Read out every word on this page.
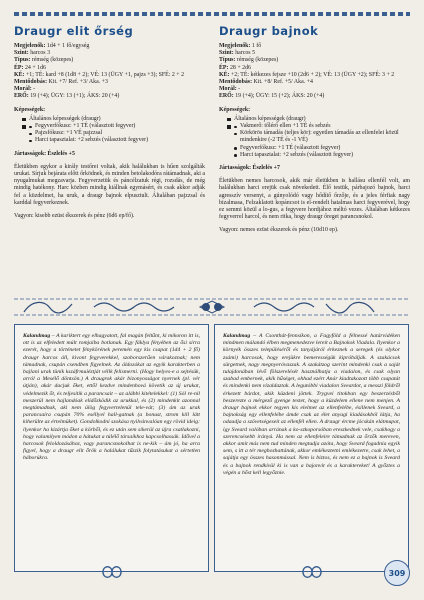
Draugr elit őrség

Megjelenők: 1d4 + 1 fő/egység

Szint: harcos 3

Típus: rémség (közepes)

ÉP: 24 + 1d6

KÉ: +1; TÉ: kard +8 (1d8 + 2); VÉ: 13 (ÜGY +1, pajzs +3); SFÉ: 2 + 2

Mentődobás: Kit. +7/ Ref. +3/ Aka. +3

Morál: -

ERŐ: 19 (+4); ÜGY: 13 (+1); ÁKS: 20 (+4)

Képességek:

Általános képességek (draugr)
Fegyverfókusz: +1 TÉ (választott fegyver)
Pajzsfókusz: +1 VÉ pajzzsal
Harci tapasztalat: +2 sebzés (választott fegyver)

Jártasságok: Észlelés +5

Életükben egykor a király testőrei voltak, akik halálukban is hűen szolgálták urukat. Sírjuk bejárata előtt őrködnek, és minden betolakodóra rátámadnak, aki a nyugalmukat megzavarja. Fegyverzetük és páncélzatuk régi, rozsdás, de még mindig hatékony. Harc közben mindig kiállnak egymásért, és csak akkor adják fel a küzdelmet, ha uruk, a draugr bajnok elpusztult. Általában pajzzsal és karddal fegyverkeznek.

Vagyon: kisebb ezüst ékszerek és pénz (6d6 ep/fő).

Draugr bajnok

Megjelenők: 1 fő

Szint: harcos 5

Típus: rémség (közepes)

ÉP: 28 + 2d6

KÉ: +2; TÉ: kétkezes fejsze +10 (2d6 + 2); VÉ: 13 (ÜGY +2); SFÉ: 3 + 2

Mentődobás: Kit. +8/ Ref. +5/ Aka. +4

Morál: -

ERŐ: 19 (+4); ÜGY: 15 (+2); ÁKS: 20 (+4)

Képességek:

Általános képességek (draugr)
Vakmerő: tőlérő ellen +1 TÉ és sebzés
Körkörös támadás (teljes kör): egyetlen támadás az ellenfelei közül mindenkire (-2 TÉ és -1 VÉ)
Fegyverfókusz: +1 TÉ (választott fegyver)
Harci tapasztalat: +2 sebzés (választott fegyver)

Jártasságok: Észlelés +7

Életükben nemes harcosok, akik már életükben is hallásu ellenfél volt, am halálukban harci erejük csak növekedett. Élő testük, párbajozó bajnok, harci agresszív versenyt, a gúnyolódó vagy hődítő őrzője, és a jeles férfiak nagy bizalmasa, Felzaklatott kopáncsot is el-rendelt hatalmas harci fegyverével, hogy ez semmi közül a lo-gus, a fegyvere hordjához méltó vezes. Általában kétkezes fegyverrel harcol, és nem ritka, hogy draugr őreget parancsnokol.

Vagyon: nemes ezüst ékszerek és pénz (10d10 ep).

Kalandmag – A kariktert egy elhagyatott, fal magán feltűnt, ki mikoron itt is, ott is az elfeledett múlt romjaiba botlanak. Egy fáklya fényében az ősi sírra ezerét, hogy a történetet fénykörének peremén egy kis csapat (1d4 + 2 fő) draugr harcos áll, kivont fegyverekkel, szoborszerűen várakoznak; nem támadnak, csupán csendben figyelnek. Az áldozókat az egyik karakterben a bajlani urak tünik kszáfrmuiéztját véllk felismerni. (Hogy helyes-e a sejtésük, arról a Mesélő döntsön.) A draugrok akár bizonyosságot nyernek (pl. vér útján), akár dacjuk őket, ettől kezdve mindenhová követik az új urukat, védelmezik őt, és teljesítik a parancsait – az alábbi kitételekkel: (1) Sól re-nil meszerül nem hajlandóak elidőzködik az urukkal, és (2) mindenkit azonnal megtámadnak, aki nem ülög fegyvertelenül tele-vát; (3) ám az urak parancsaira csupán 70% eséllyel hall-gatnak (a bonust, strom kill látt kiherülte az értelmüket). Gondolkodni szokása nyilvánvalóan egy rövid ideig: ilyenkor ha kizártja őket a körből, és ez után sem sikerül az újra csatlakozni, hogy valamilyen módon a hátukat a túlélő társaikhoz kapcsolhassák. Idővel a harcosok feloldozásához, vagy parancsnokolhat is ne-kik – ám jó, ha arra figyel, hogy a draugr elit őrök a halálukat tűzzik folytatásukat a sértetlen háborúkra.

Kalandmag – A Csonthát-fennsíkon, a Fagyföld a félnessé határvidéken mindmen múlandó élben megmenedezve lereít a Bajnokok Viadala. Ilyenkor a környék összes településéről és tanyájáról érkeznek a seregek (és olykor zsámi) harcosok, hogy erejükre bemerességük kipróbálják. A szakácsok sürgetnek, nagy megnyeróvaszak. A szakátzog szerint mindenki csak a saját tulajdonában lévő fölszerelését használhatja a viadalon, és csak olyan szabad embernek, akik hűséget, ohhad ezért Anár kiadtakozott több csapatát és mindenki nem vízaldaztak. A legutóbbi viadalon Sveardot, a messzi földről érkezett bárdot, akik küzdeni jöttek. Trygvei titokban egy beszerzésből beszerezte a mérgező gyenge testet, hogy a küzdelem ellene nem menjen. A draugr bajnok ekkor tegyen kis elelmet az ellenfelébe, ésillenek Sveard, a bajnokság egy ellenfelébe ámde csak az élet anyagi kiadásokból látja, ha odaadja a szövetségeseit az ellenfél ellen. A draugr ércme jócskán elátmupat, így Sveard valóban arrának a ko-szkoporsóban ereszkednek vele, csakhogy a szerencsésebb irányú. Ha nem az ellenfeleire támadnak az őrzők mereven, akkor amit más nem tud minden megtudja azóta, hogy Sveard fogadnia egyik sem, s itt a tér meghozhattának, akkor emlékeztetni emlékezetre, csak lehet, a sajátja egy összes hasonmással. Nem is biztos, és nem ez a bajnok is Sveard és a bajnok rendkívül ki is van a bajonvit és a karaktereket! A győztes a végén a hőst kell legyőznie.

309
